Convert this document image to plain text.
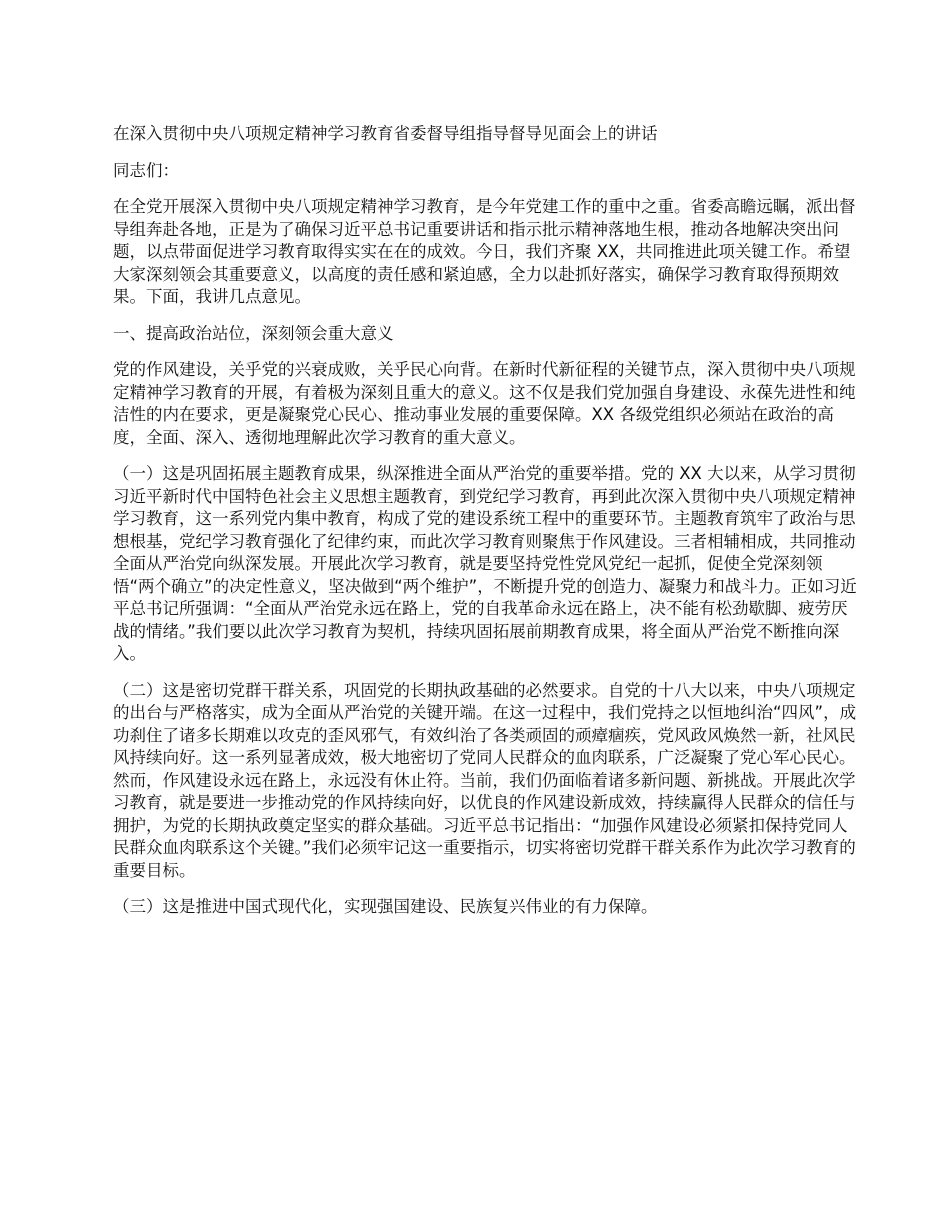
在深入贯彻中央八项规定精神学习教育省委督导组指导督导见面会上的讲话

同志们：

在全党开展深入贯彻中央八项规定精神学习教育，是今年党建工作的重中之重。省委高瞻远瞩，派出督导组奔赴各地，正是为了确保习近平总书记重要讲话和指示批示精神落地生根，推动各地解决突出问题，以点带面促进学习教育取得实实在在的成效。今日，我们齐聚 XX，共同推进此项关键工作。希望大家深刻领会其重要意义，以高度的责任感和紧迫感，全力以赴抓好落实，确保学习教育取得预期效果。下面，我讲几点意见。

一、提高政治站位，深刻领会重大意义

党的作风建设，关乎党的兴衰成败，关乎民心向背。在新时代新征程的关键节点，深入贯彻中央八项规定精神学习教育的开展，有着极为深刻且重大的意义。这不仅是我们党加强自身建设、永葆先进性和纯洁性的内在要求，更是凝聚党心民心、推动事业发展的重要保障。XX 各级党组织必须站在政治的高度，全面、深入、透彻地理解此次学习教育的重大意义。

（一）这是巩固拓展主题教育成果，纵深推进全面从严治党的重要举措。党的 XX 大以来，从学习贯彻习近平新时代中国特色社会主义思想主题教育，到党纪学习教育，再到此次深入贯彻中央八项规定精神学习教育，这一系列党内集中教育，构成了党的建设系统工程中的重要环节。主题教育筑牢了政治与思想根基，党纪学习教育强化了纪律约束，而此次学习教育则聚焦于作风建设。三者相辅相成，共同推动全面从严治党向纵深发展。开展此次学习教育，就是要坚持党性党风党纪一起抓，促使全党深刻领悟“两个确立”的决定性意义，坚决做到“两个维护”，不断提升党的创造力、凝聚力和战斗力。正如习近平总书记所强调：“全面从严治党永远在路上，党的自我革命永远在路上，决不能有松劲歇脚、疲劳厌战的情绪。”我们要以此次学习教育为契机，持续巩固拓展前期教育成果，将全面从严治党不断推向深入。

（二）这是密切党群干群关系，巩固党的长期执政基础的必然要求。自党的十八大以来，中央八项规定的出台与严格落实，成为全面从严治党的关键开端。在这一过程中，我们党持之以恒地纠治“四风”，成功刹住了诸多长期难以攻克的歪风邪气，有效纠治了各类顽固的顽瘴痼疾，党风政风焕然一新，社风民风持续向好。这一系列显著成效，极大地密切了党同人民群众的血肉联系，广泛凝聚了党心军心民心。然而，作风建设永远在路上，永远没有休止符。当前，我们仍面临着诸多新问题、新挑战。开展此次学习教育，就是要进一步推动党的作风持续向好，以优良的作风建设新成效，持续赢得人民群众的信任与拥护，为党的长期执政奠定坚实的群众基础。习近平总书记指出：“加强作风建设必须紧扣保持党同人民群众血肉联系这个关键。”我们必须牢记这一重要指示，切实将密切党群干群关系作为此次学习教育的重要目标。

（三）这是推进中国式现代化，实现强国建设、民族复兴伟业的有力保障。
